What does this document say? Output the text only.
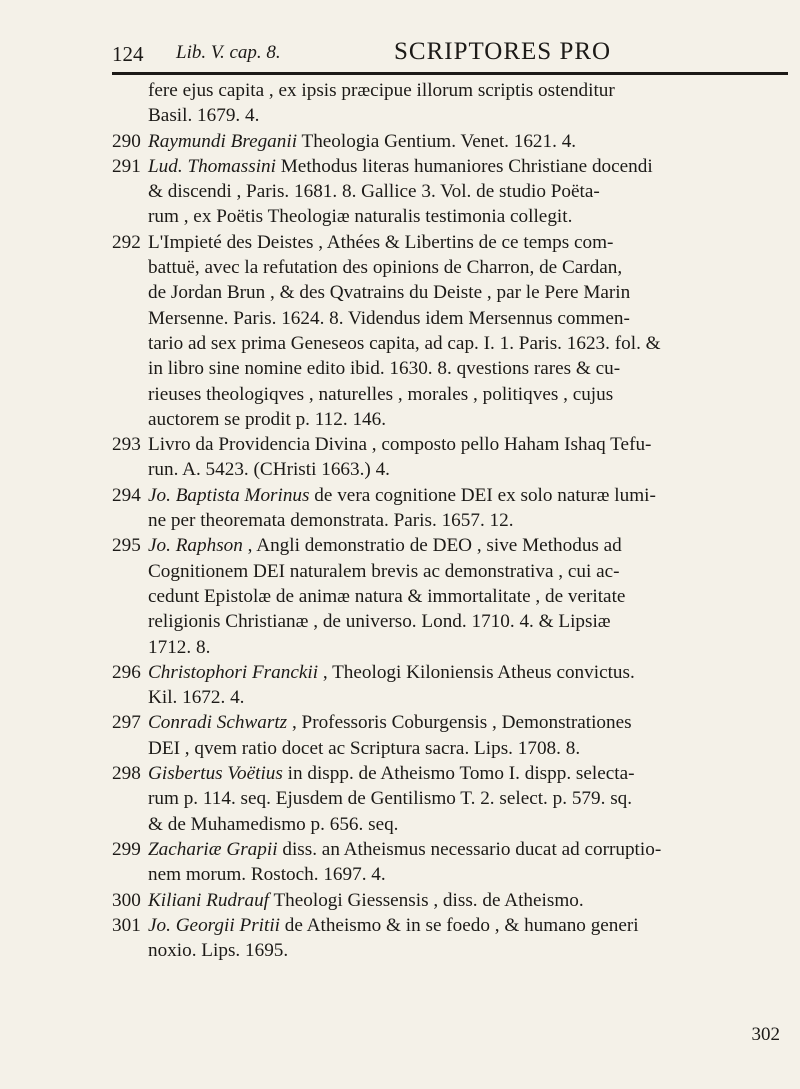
124 Lib. V. cap. 8.	SCRIPTORES PRO
fere ejus capita , ex ipsis præcipue illorum scriptis ostenditur
Basil. 1679. 4.
290 Raymundi Breganii Theologia Gentium. Venet. 1621. 4.
291 Lud. Thomassini Methodus literas humaniores Christiane docendi
& discendi , Paris. 1681. 8. Gallice 3. Vol. de studio Poëta-
rum , ex Poëtis Theologiæ naturalis testimonia collegit.
292 L'Impieté des Deistes , Athées & Libertins de ce temps com-
battuë, avec la refutation des opinions de Charron, de Cardan,
de Jordan Brun , & des Qvatrains du Deiste , par le Pere Marin
Mersenne. Paris. 1624. 8. Videndus idem Mersennus commen-
tario ad sex prima Geneseos capita, ad cap. I. 1. Paris. 1623. fol. &
in libro sine nomine edito ibid. 1630. 8. qvestions rares & cu-
rieuses theologiqves , naturelles , morales , politiqves , cujus
auctorem se prodit p. 112. 146.
293 Livro da Providencia Divina , composto pello Haham Ishaq Tefu-
run. A. 5423. (CHristi 1663.) 4.
294 Jo. Baptista Morinus de vera cognitione DEI ex solo naturæ lumi-
ne per theoremata demonstrata. Paris. 1657. 12.
295 Jo. Raphson , Angli demonstratio de DEO , sive Methodus ad
Cognitionem DEI naturalem brevis ac demonstrativa , cui ac-
cedunt Epistolæ de animæ natura & immortalitate , de veritate
religionis Christianæ , de universo. Lond. 1710. 4. & Lipsiæ
1712. 8.
296 Christophori Franckii , Theologi Kiloniensis Atheus convictus.
Kil. 1672. 4.
297 Conradi Schwartz , Professoris Coburgensis , Demonstrationes
DEI , qvem ratio docet ac Scriptura sacra. Lips. 1708. 8.
298 Gisbertus Voëtius in dispp. de Atheismo Tomo I. dispp. selecta-
rum p. 114. seq. Ejusdem de Gentilismo T. 2. select. p. 579. sq.
& de Muhamedismo p. 656. seq.
299 Zachariæ Grapii diss. an Atheismus necessario ducat ad corruptio-
nem morum. Rostoch. 1697. 4.
300 Kiliani Rudrauf Theologi Giessensis , diss. de Atheismo.
301 Jo. Georgii Pritii de Atheismo & in se foedo , & humano generi
noxio. Lips. 1695.
302
